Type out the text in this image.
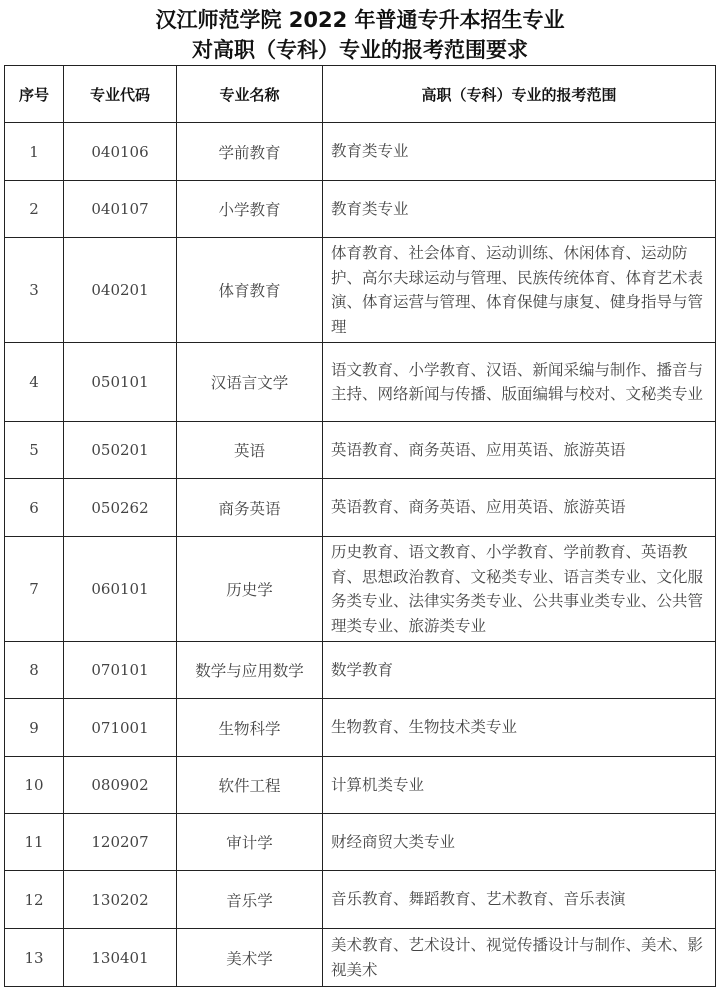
汉江师范学院 2022 年普通专升本招生专业
对高职（专科）专业的报考范围要求
序号	专业代码	专业名称	高职（专科）专业的报考范围
1	040106	学前教育	教育类专业
2	040107	小学教育	教育类专业
3	040201	体育教育	体育教育、社会体育、运动训练、休闲体育、运动防护、高尔夫球运动与管理、民族传统体育、体育艺术表演、体育运营与管理、体育保健与康复、健身指导与管理
4	050101	汉语言文学	语文教育、小学教育、汉语、新闻采编与制作、播音与主持、网络新闻与传播、版面编辑与校对、文秘类专业
5	050201	英语	英语教育、商务英语、应用英语、旅游英语
6	050262	商务英语	英语教育、商务英语、应用英语、旅游英语
7	060101	历史学	历史教育、语文教育、小学教育、学前教育、英语教育、思想政治教育、文秘类专业、语言类专业、文化服务类专业、法律实务类专业、公共事业类专业、公共管理类专业、旅游类专业
8	070101	数学与应用数学	数学教育
9	071001	生物科学	生物教育、生物技术类专业
10	080902	软件工程	计算机类专业
11	120207	审计学	财经商贸大类专业
12	130202	音乐学	音乐教育、舞蹈教育、艺术教育、音乐表演
13	130401	美术学	美术教育、艺术设计、视觉传播设计与制作、美术、影视美术
